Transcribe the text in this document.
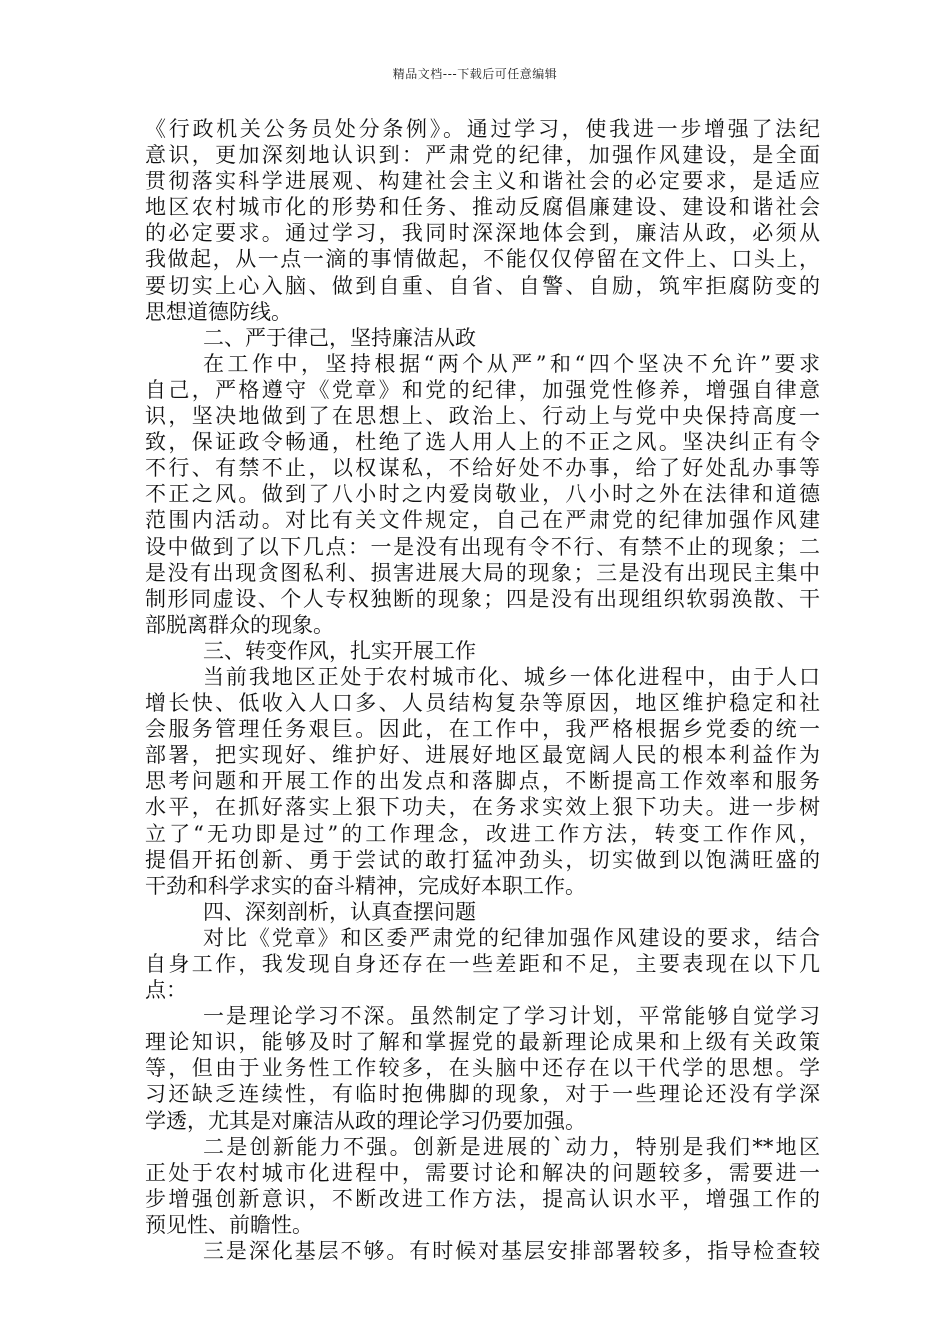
精品文档---下载后可任意编辑
《行政机关公务员处分条例》。通过学习，使我进一步增强了法纪
意识，更加深刻地认识到：严肃党的纪律，加强作风建设，是全面
贯彻落实科学进展观、构建社会主义和谐社会的必定要求，是适应
地区农村城市化的形势和任务、推动反腐倡廉建设、建设和谐社会
的必定要求。通过学习，我同时深深地体会到，廉洁从政，必须从
我做起，从一点一滴的事情做起，不能仅仅停留在文件上、口头上，
要切实上心入脑、做到自重、自省、自警、自励，筑牢拒腐防变的
思想道德防线。
二、严于律己，坚持廉洁从政
在工作中，坚持根据“两个从严”和“四个坚决不允许”要求
自己，严格遵守《党章》和党的纪律，加强党性修养，增强自律意
识，坚决地做到了在思想上、政治上、行动上与党中央保持高度一
致，保证政令畅通，杜绝了选人用人上的不正之风。坚决纠正有令
不行、有禁不止，以权谋私，不给好处不办事，给了好处乱办事等
不正之风。做到了八小时之内爱岗敬业，八小时之外在法律和道德
范围内活动。对比有关文件规定，自己在严肃党的纪律加强作风建
设中做到了以下几点：一是没有出现有令不行、有禁不止的现象；二
是没有出现贪图私利、损害进展大局的现象；三是没有出现民主集中
制形同虚设、个人专权独断的现象；四是没有出现组织软弱涣散、干
部脱离群众的现象。
三、转变作风，扎实开展工作
当前我地区正处于农村城市化、城乡一体化进程中，由于人口
增长快、低收入人口多、人员结构复杂等原因，地区维护稳定和社
会服务管理任务艰巨。因此，在工作中，我严格根据乡党委的统一
部署，把实现好、维护好、进展好地区最宽阔人民的根本利益作为
思考问题和开展工作的出发点和落脚点，不断提高工作效率和服务
水平，在抓好落实上狠下功夫，在务求实效上狠下功夫。进一步树
立了“无功即是过”的工作理念，改进工作方法，转变工作作风，
提倡开拓创新、勇于尝试的敢打猛冲劲头，切实做到以饱满旺盛的
干劲和科学求实的奋斗精神，完成好本职工作。
四、深刻剖析，认真查摆问题
对比《党章》和区委严肃党的纪律加强作风建设的要求，结合
自身工作，我发现自身还存在一些差距和不足，主要表现在以下几
点：
一是理论学习不深。虽然制定了学习计划，平常能够自觉学习
理论知识，能够及时了解和掌握党的最新理论成果和上级有关政策
等，但由于业务性工作较多，在头脑中还存在以干代学的思想。学
习还缺乏连续性，有临时抱佛脚的现象，对于一些理论还没有学深
学透，尤其是对廉洁从政的理论学习仍要加强。
二是创新能力不强。创新是进展的`动力，特别是我们**地区
正处于农村城市化进程中，需要讨论和解决的问题较多，需要进一
步增强创新意识，不断改进工作方法，提高认识水平，增强工作的
预见性、前瞻性。
三是深化基层不够。有时候对基层安排部署较多，指导检查较
